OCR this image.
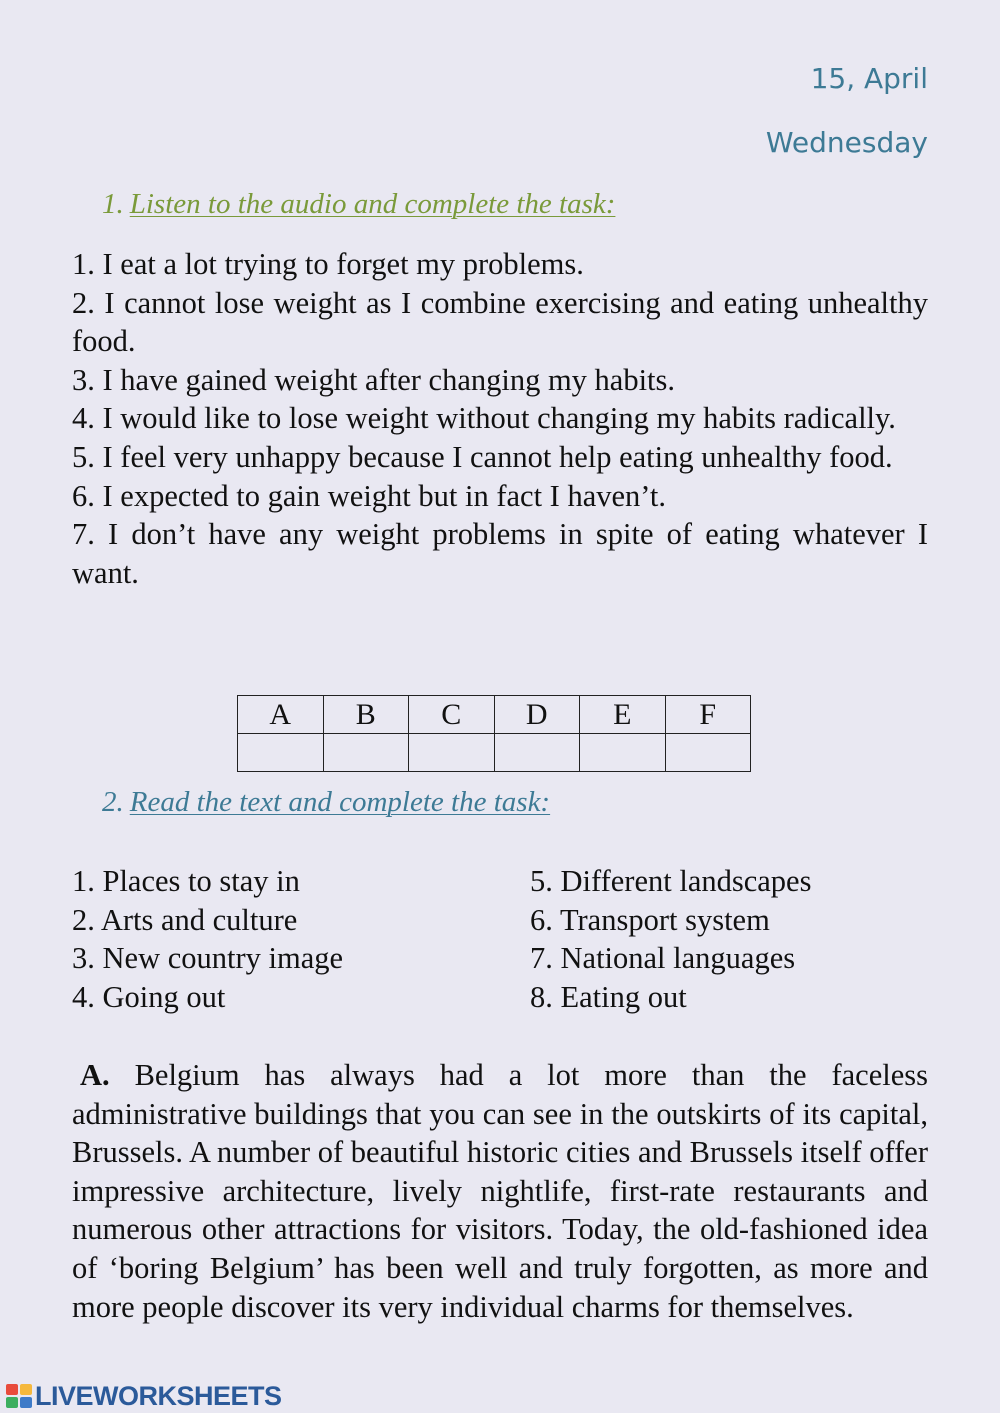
15, April
Wednesday
1. Listen to the audio and complete the task:
1. I eat a lot trying to forget my problems.
2. I cannot lose weight as I combine exercising and eating unhealthy food.
3. I have gained weight after changing my habits.
4. I would like to lose weight without changing my habits radically.
5. I feel very unhappy because I cannot help eating unhealthy food.
6. I expected to gain weight but in fact I haven’t.
7. I don’t have any weight problems in spite of eating whatever I want.
A	B	C	D	E	F

2. Read the text and complete the task:
1. Places to stay in
2. Arts and culture
3. New country image
4. Going out
5. Different landscapes
6. Transport system
7. National languages
8. Eating out

A. Belgium has always had a lot more than the faceless administrative buildings that you can see in the outskirts of its capital, Brussels. A number of beautiful historic cities and Brussels itself offer impressive architecture, lively nightlife, first-rate restaurants and numerous other attractions for visitors. Today, the old-fashioned idea of ‘boring Belgium’ has been well and truly forgotten, as more and more people discover its very individual charms for themselves.

LIVEWORKSHEETS
